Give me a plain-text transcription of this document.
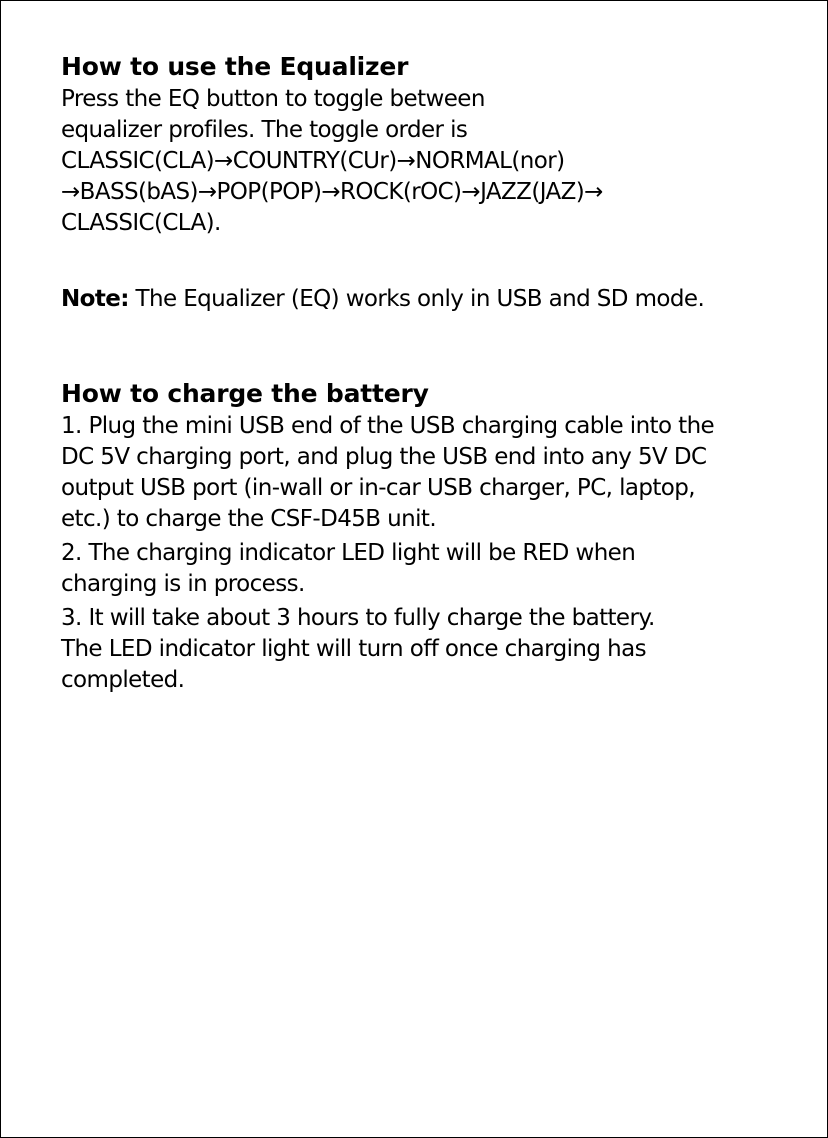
How to use the Equalizer
Press the EQ button to toggle between
equalizer profiles. The toggle order is
CLASSIC(CLA)→COUNTRY(CUr)→NORMAL(nor)
→BASS(bAS)→POP(POP)→ROCK(rOC)→JAZZ(JAZ)→
CLASSIC(CLA).

Note: The Equalizer (EQ) works only in USB and SD mode.

How to charge the battery
1. Plug the mini USB end of the USB charging cable into the
DC 5V charging port, and plug the USB end into any 5V DC
output USB port (in-wall or in-car USB charger, PC, laptop,
etc.) to charge the CSF-D45B unit.
2. The charging indicator LED light will be RED when
charging is in process.
3. It will take about 3 hours to fully charge the battery.
The LED indicator light will turn off once charging has
completed.
